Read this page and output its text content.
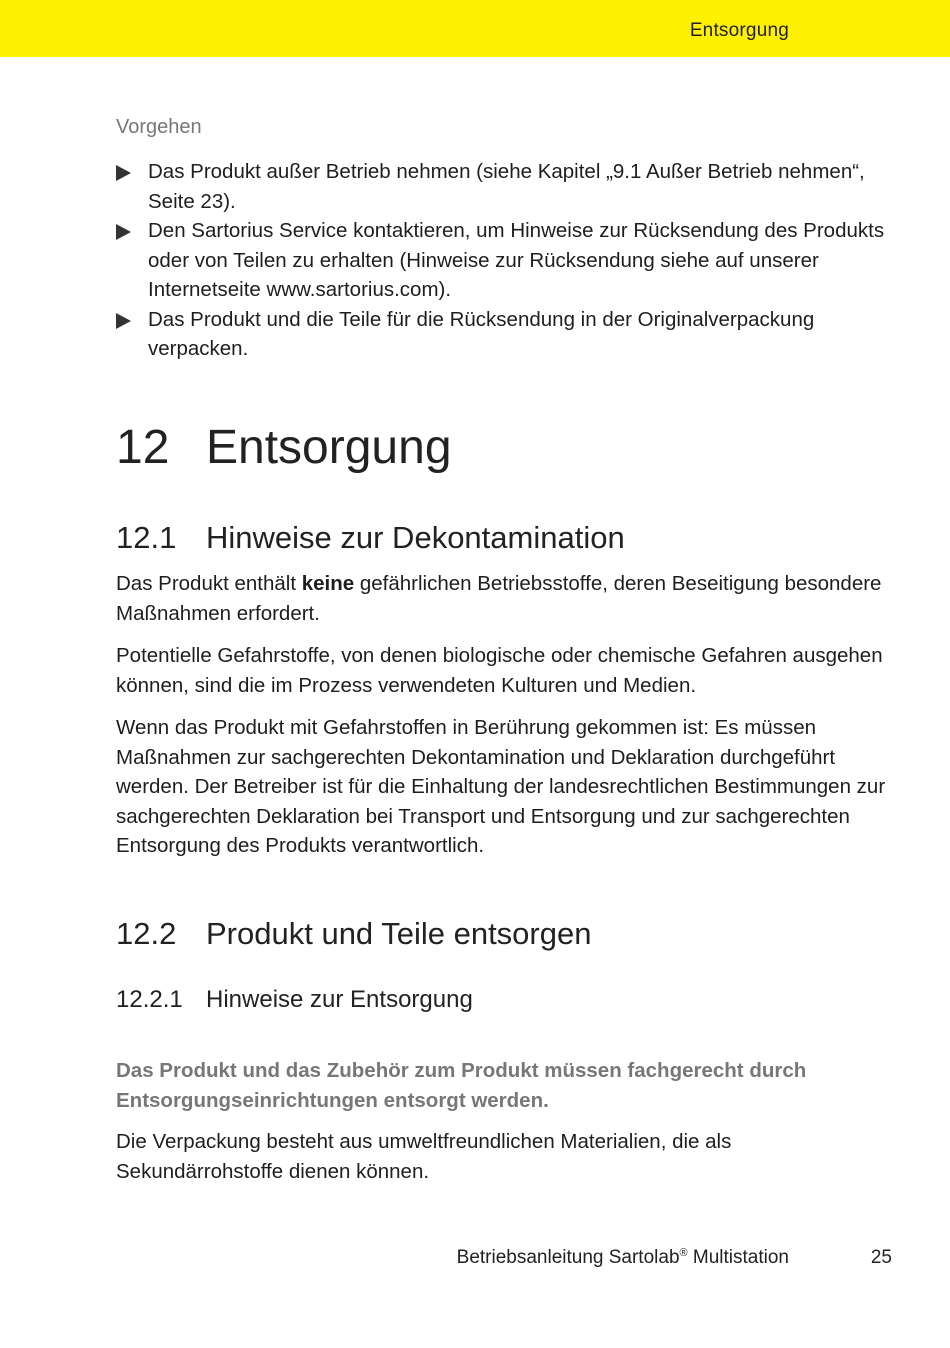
Entsorgung
Vorgehen
Das Produkt außer Betrieb nehmen (siehe Kapitel „9.1 Außer Betrieb nehmen“, Seite 23).
Den Sartorius Service kontaktieren, um Hinweise zur Rücksendung des Produkts oder von Teilen zu erhalten (Hinweise zur Rücksendung siehe auf unserer Internetseite www.sartorius.com).
Das Produkt und die Teile für die Rücksendung in der Originalverpackung verpacken.
12 Entsorgung
12.1 Hinweise zur Dekontamination

Das Produkt enthält keine gefährlichen Betriebsstoffe, deren Beseitigung besondere Maßnahmen erfordert.

Potentielle Gefahrstoffe, von denen biologische oder chemische Gefahren ausgehen können, sind die im Prozess verwendeten Kulturen und Medien.

Wenn das Produkt mit Gefahrstoffen in Berührung gekommen ist: Es müssen Maßnahmen zur sachgerechten Dekontamination und Deklaration durchgeführt werden. Der Betreiber ist für die Einhaltung der landesrechtlichen Bestimmungen zur sachgerechten Deklaration bei Transport und Entsorgung und zur sachgerechten Entsorgung des Produkts verantwortlich.

12.2 Produkt und Teile entsorgen
12.2.1 Hinweise zur Entsorgung

Das Produkt und das Zubehör zum Produkt müssen fachgerecht durch Entsorgungseinrichtungen entsorgt werden.

Die Verpackung besteht aus umweltfreundlichen Materialien, die als Sekundärrohstoffe dienen können.

Betriebsanleitung Sartolab® Multistation	25
